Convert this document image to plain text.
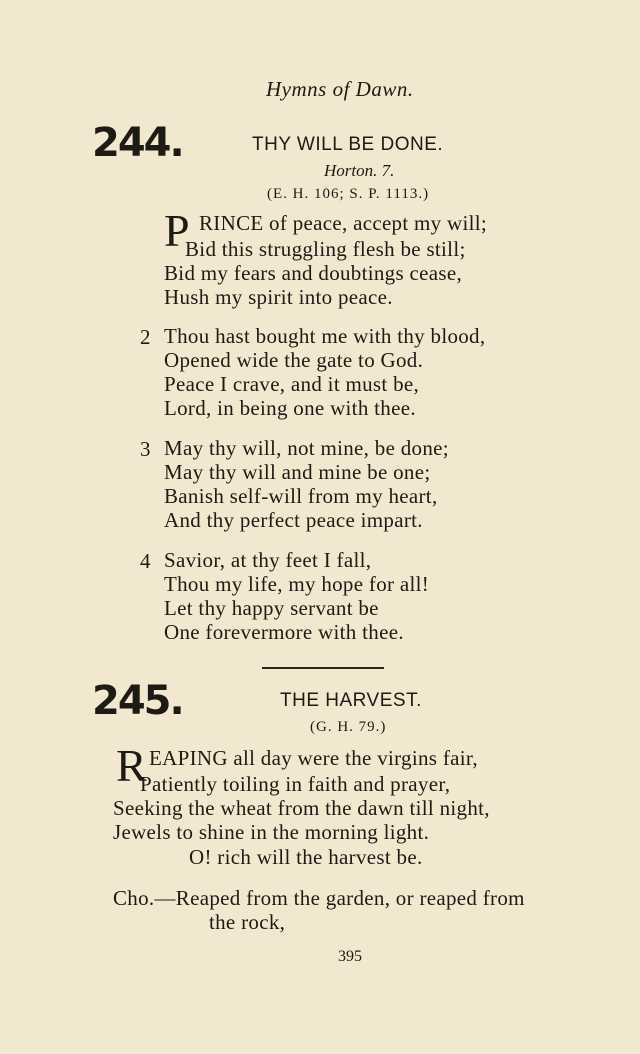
Hymns of Dawn.
244.	THY WILL BE DONE.
Horton. 7.
(E. H. 106; S. P. 1113.)
P RINCE of peace, accept my will;
Bid this struggling flesh be still;
Bid my fears and doubtings cease,
Hush my spirit into peace.
2 Thou hast bought me with thy blood,
Opened wide the gate to God.
Peace I crave, and it must be,
Lord, in being one with thee.
3 May thy will, not mine, be done;
May thy will and mine be one;
Banish self-will from my heart,
And thy perfect peace impart.
4 Savior, at thy feet I fall,
Thou my life, my hope for all!
Let thy happy servant be
One forevermore with thee.
245.	THE HARVEST.
(G. H. 79.)
R EAPING all day were the virgins fair,
Patiently toiling in faith and prayer,
Seeking the wheat from the dawn till night,
Jewels to shine in the morning light.
O! rich will the harvest be.
Cho.—Reaped from the garden, or reaped from
the rock,
395
